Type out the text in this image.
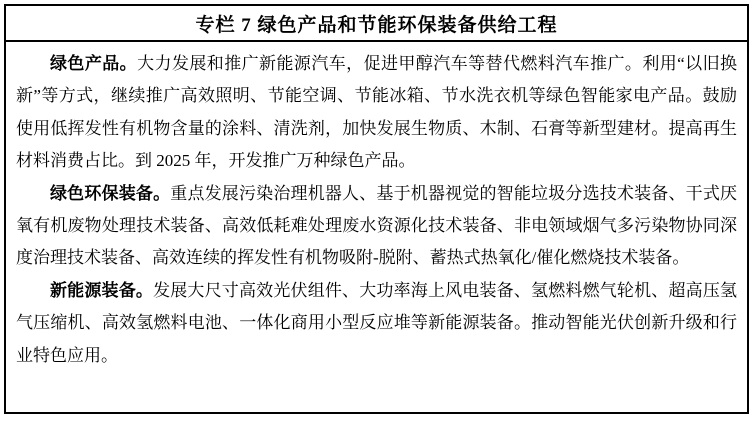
专栏 7 绿色产品和节能环保装备供给工程

绿色产品。大力发展和推广新能源汽车，促进甲醇汽车等替代燃料汽车推广。利用“以旧换新”等方式，继续推广高效照明、节能空调、节能冰箱、节水洗衣机等绿色智能家电产品。鼓励使用低挥发性有机物含量的涂料、清洗剂，加快发展生物质、木制、石膏等新型建材。提高再生材料消费占比。到 2025 年，开发推广万种绿色产品。

绿色环保装备。重点发展污染治理机器人、基于机器视觉的智能垃圾分选技术装备、干式厌氧有机废物处理技术装备、高效低耗难处理废水资源化技术装备、非电领域烟气多污染物协同深度治理技术装备、高效连续的挥发性有机物吸附-脱附、蓄热式热氧化/催化燃烧技术装备。

新能源装备。发展大尺寸高效光伏组件、大功率海上风电装备、氢燃料燃气轮机、超高压氢气压缩机、高效氢燃料电池、一体化商用小型反应堆等新能源装备。推动智能光伏创新升级和行业特色应用。
